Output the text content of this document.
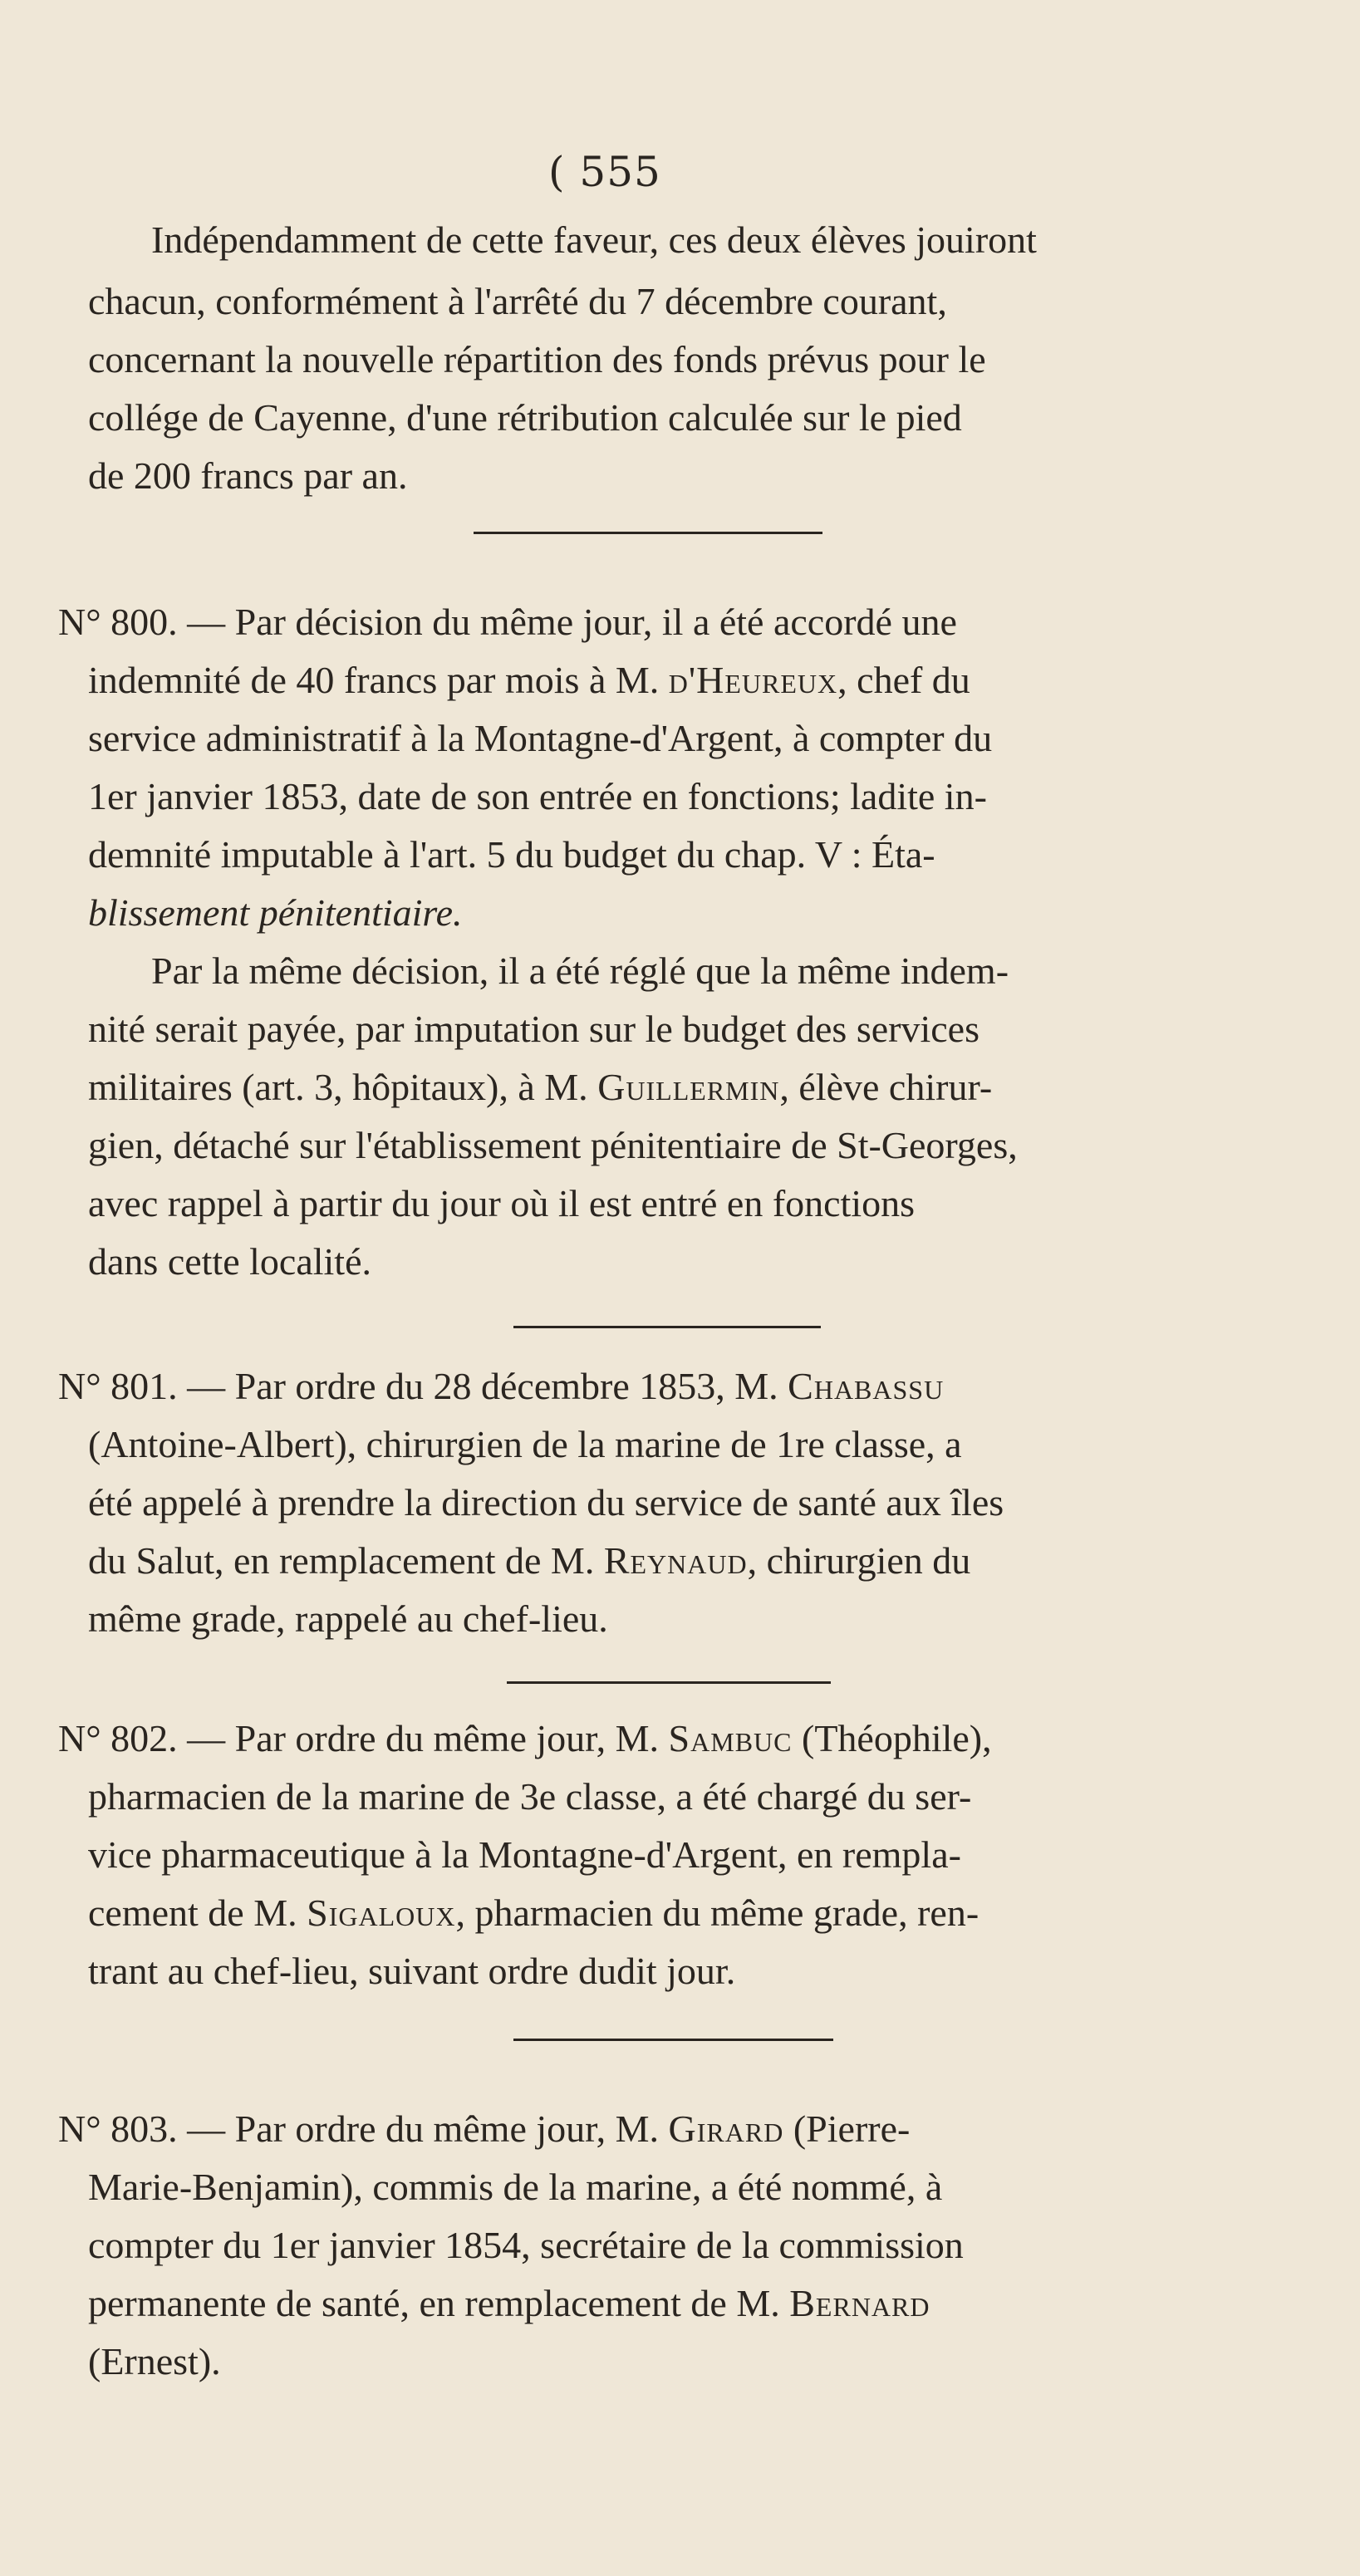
( 555
Indépendamment de cette faveur, ces deux élèves jouiront
chacun, conformément à l'arrêté du 7 décembre courant,
concernant la nouvelle répartition des fonds prévus pour le
collége de Cayenne, d'une rétribution calculée sur le pied
de 200 francs par an.
N° 800. — Par décision du même jour, il a été accordé une
indemnité de 40 francs par mois à M. d'Heureux, chef du
service administratif à la Montagne-d'Argent, à compter du
1er janvier 1853, date de son entrée en fonctions; ladite in-
demnité imputable à l'art. 5 du budget du chap. V : Éta-
blissement pénitentiaire.
Par la même décision, il a été réglé que la même indem-
nité serait payée, par imputation sur le budget des services
militaires (art. 3, hôpitaux), à M. Guillermin, élève chirur-
gien, détaché sur l'établissement pénitentiaire de St-Georges,
avec rappel à partir du jour où il est entré en fonctions
dans cette localité.
N° 801. — Par ordre du 28 décembre 1853, M. Chabassu
(Antoine-Albert), chirurgien de la marine de 1re classe, a
été appelé à prendre la direction du service de santé aux îles
du Salut, en remplacement de M. Reynaud, chirurgien du
même grade, rappelé au chef-lieu.
N° 802. — Par ordre du même jour, M. Sambuc (Théophile),
pharmacien de la marine de 3e classe, a été chargé du ser-
vice pharmaceutique à la Montagne-d'Argent, en rempla-
cement de M. Sigaloux, pharmacien du même grade, ren-
trant au chef-lieu, suivant ordre dudit jour.
N° 803. — Par ordre du même jour, M. Girard (Pierre-
Marie-Benjamin), commis de la marine, a été nommé, à
compter du 1er janvier 1854, secrétaire de la commission
permanente de santé, en remplacement de M. Bernard
(Ernest).
